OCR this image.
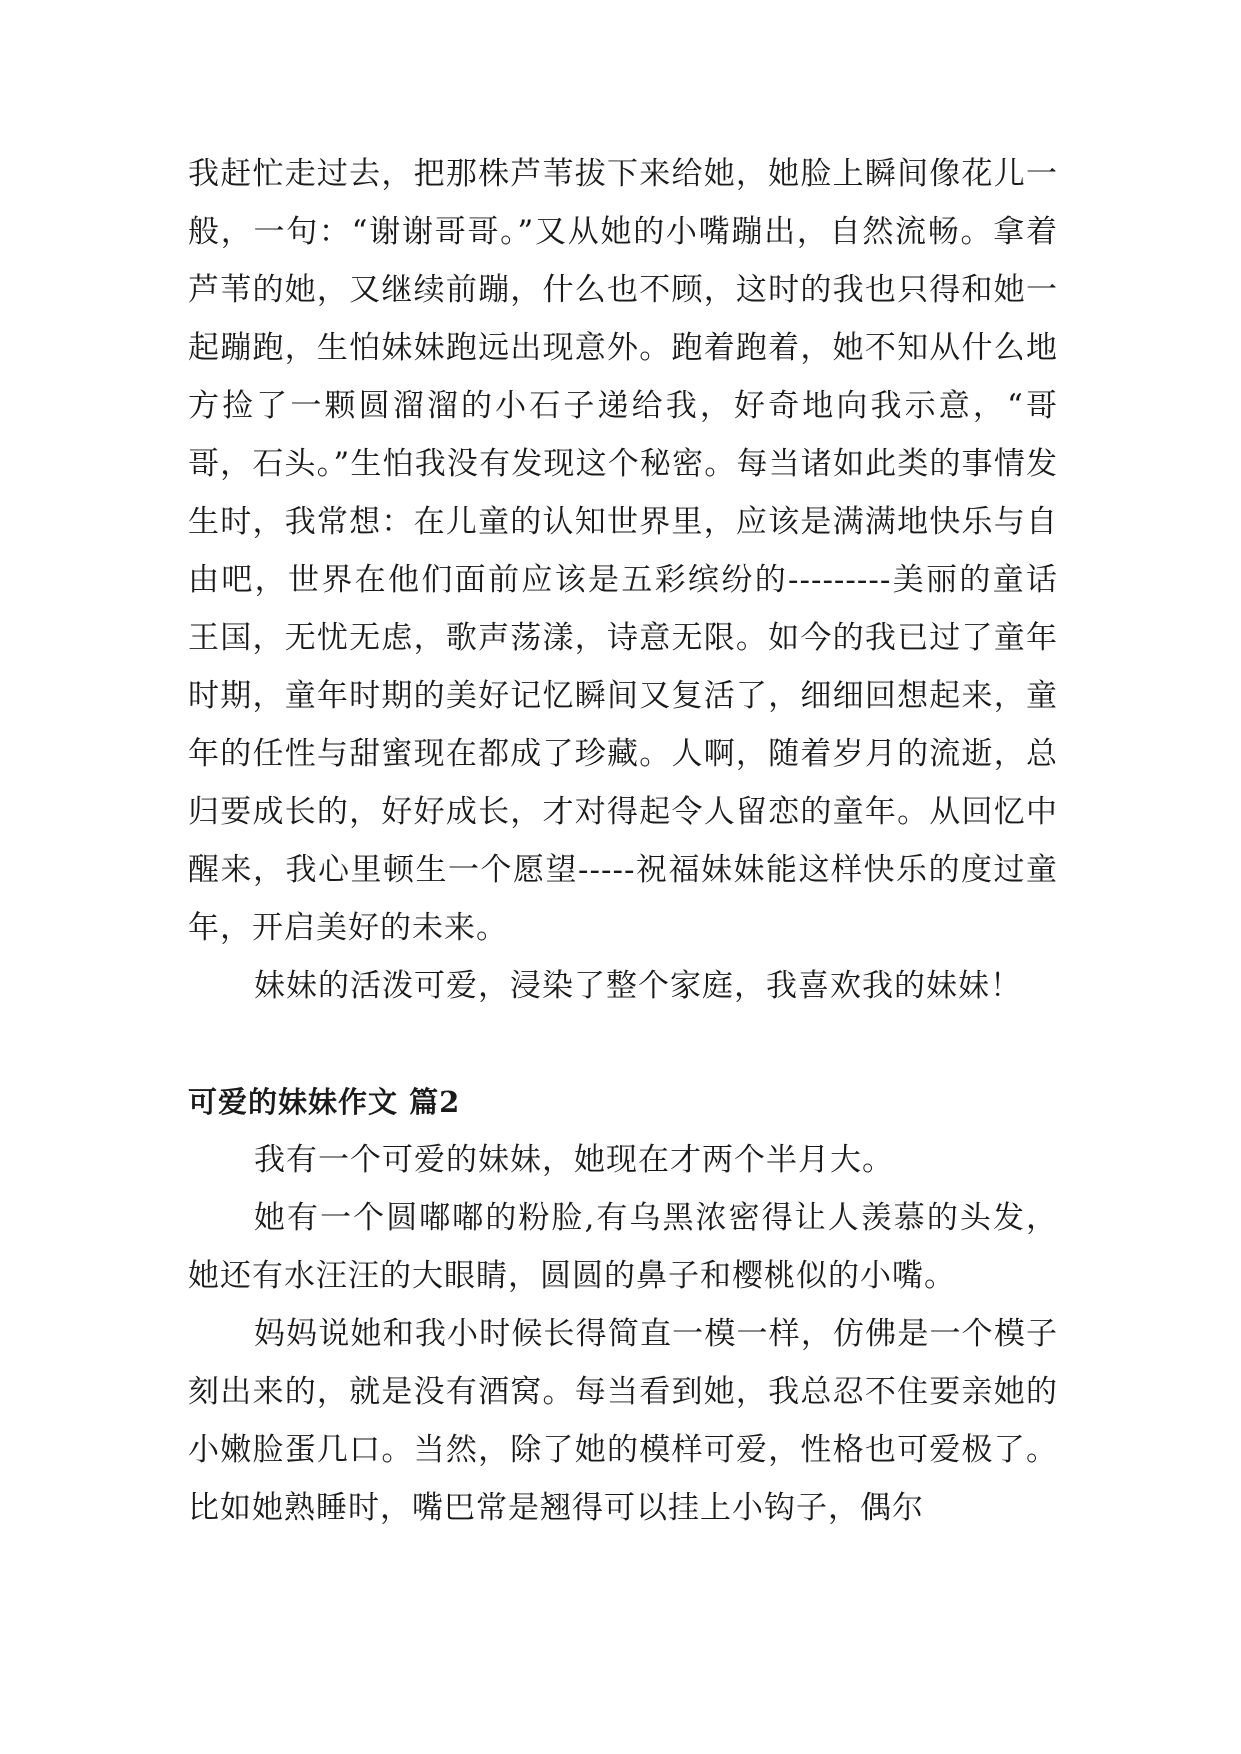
我赶忙走过去，把那株芦苇拔下来给她，她脸上瞬间像花儿一般，一句：“谢谢哥哥。”又从她的小嘴蹦出，自然流畅。拿着芦苇的她，又继续前蹦，什么也不顾，这时的我也只得和她一起蹦跑，生怕妹妹跑远出现意外。跑着跑着，她不知从什么地方捡了一颗圆溜溜的小石子递给我，好奇地向我示意，“哥哥，石头。”生怕我没有发现这个秘密。每当诸如此类的事情发生时，我常想：在儿童的认知世界里，应该是满满地快乐与自由吧，世界在他们面前应该是五彩缤纷的---------美丽的童话王国，无忧无虑，歌声荡漾，诗意无限。如今的我已过了童年时期，童年时期的美好记忆瞬间又复活了，细细回想起来，童年的任性与甜蜜现在都成了珍藏。人啊，随着岁月的流逝，总归要成长的，好好成长，才对得起令人留恋的童年。从回忆中醒来，我心里顿生一个愿望-----祝福妹妹能这样快乐的度过童年，开启美好的未来。

妹妹的活泼可爱，浸染了整个家庭，我喜欢我的妹妹！

可爱的妹妹作文 篇2

我有一个可爱的妹妹，她现在才两个半月大。

她有一个圆嘟嘟的粉脸,有乌黑浓密得让人羡慕的头发，她还有水汪汪的大眼睛，圆圆的鼻子和樱桃似的小嘴。

妈妈说她和我小时候长得简直一模一样，仿佛是一个模子刻出来的，就是没有酒窝。每当看到她，我总忍不住要亲她的小嫩脸蛋几口。当然，除了她的模样可爱，性格也可爱极了。比如她熟睡时，嘴巴常是翘得可以挂上小钩子，偶尔
